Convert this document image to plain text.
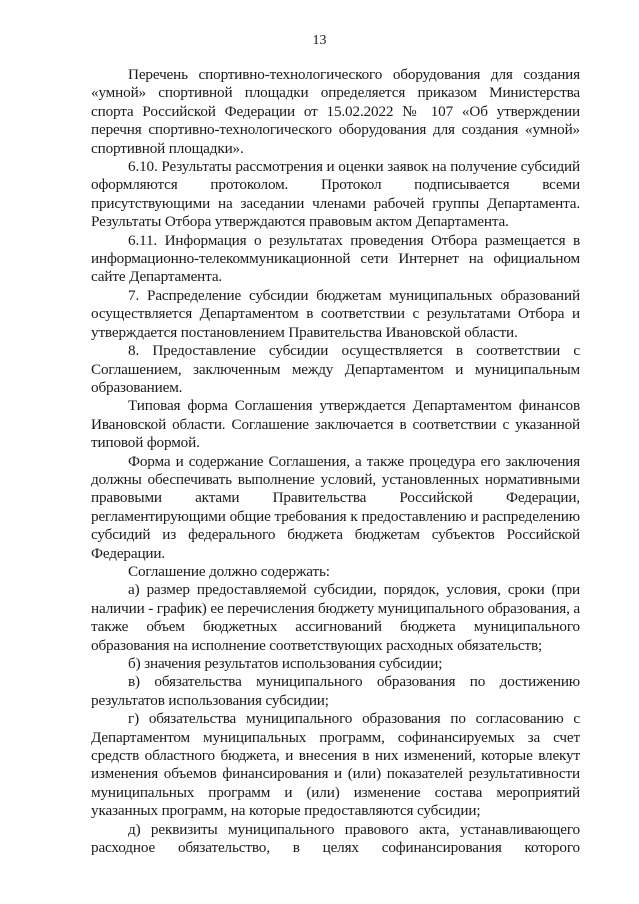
13

Перечень спортивно-технологического оборудования для создания «умной» спортивной площадки определяется приказом Министерства спорта Российской Федерации от 15.02.2022 № 107 «Об утверждении перечня спортивно-технологического оборудования для создания «умной» спортивной площадки».

6.10. Результаты рассмотрения и оценки заявок на получение субсидий оформляются протоколом. Протокол подписывается всеми присутствующими на заседании членами рабочей группы Департамента. Результаты Отбора утверждаются правовым актом Департамента.

6.11. Информация о результатах проведения Отбора размещается в информационно-телекоммуникационной сети Интернет на официальном сайте Департамента.

7. Распределение субсидии бюджетам муниципальных образований осуществляется Департаментом в соответствии с результатами Отбора и утверждается постановлением Правительства Ивановской области.

8. Предоставление субсидии осуществляется в соответствии с Соглашением, заключенным между Департаментом и муниципальным образованием.

Типовая форма Соглашения утверждается Департаментом финансов Ивановской области. Соглашение заключается в соответствии с указанной типовой формой.

Форма и содержание Соглашения, а также процедура его заключения должны обеспечивать выполнение условий, установленных нормативными правовыми актами Правительства Российской Федерации, регламентирующими общие требования к предоставлению и распределению субсидий из федерального бюджета бюджетам субъектов Российской Федерации.

Соглашение должно содержать:

а) размер предоставляемой субсидии, порядок, условия, сроки (при наличии - график) ее перечисления бюджету муниципального образования, а также объем бюджетных ассигнований бюджета муниципального образования на исполнение соответствующих расходных обязательств;

б) значения результатов использования субсидии;

в) обязательства муниципального образования по достижению результатов использования субсидии;

г) обязательства муниципального образования по согласованию с Департаментом муниципальных программ, софинансируемых за счет средств областного бюджета, и внесения в них изменений, которые влекут изменения объемов финансирования и (или) показателей результативности муниципальных программ и (или) изменение состава мероприятий указанных программ, на которые предоставляются субсидии;

д) реквизиты муниципального правового акта, устанавливающего расходное обязательство, в целях софинансирования которого
